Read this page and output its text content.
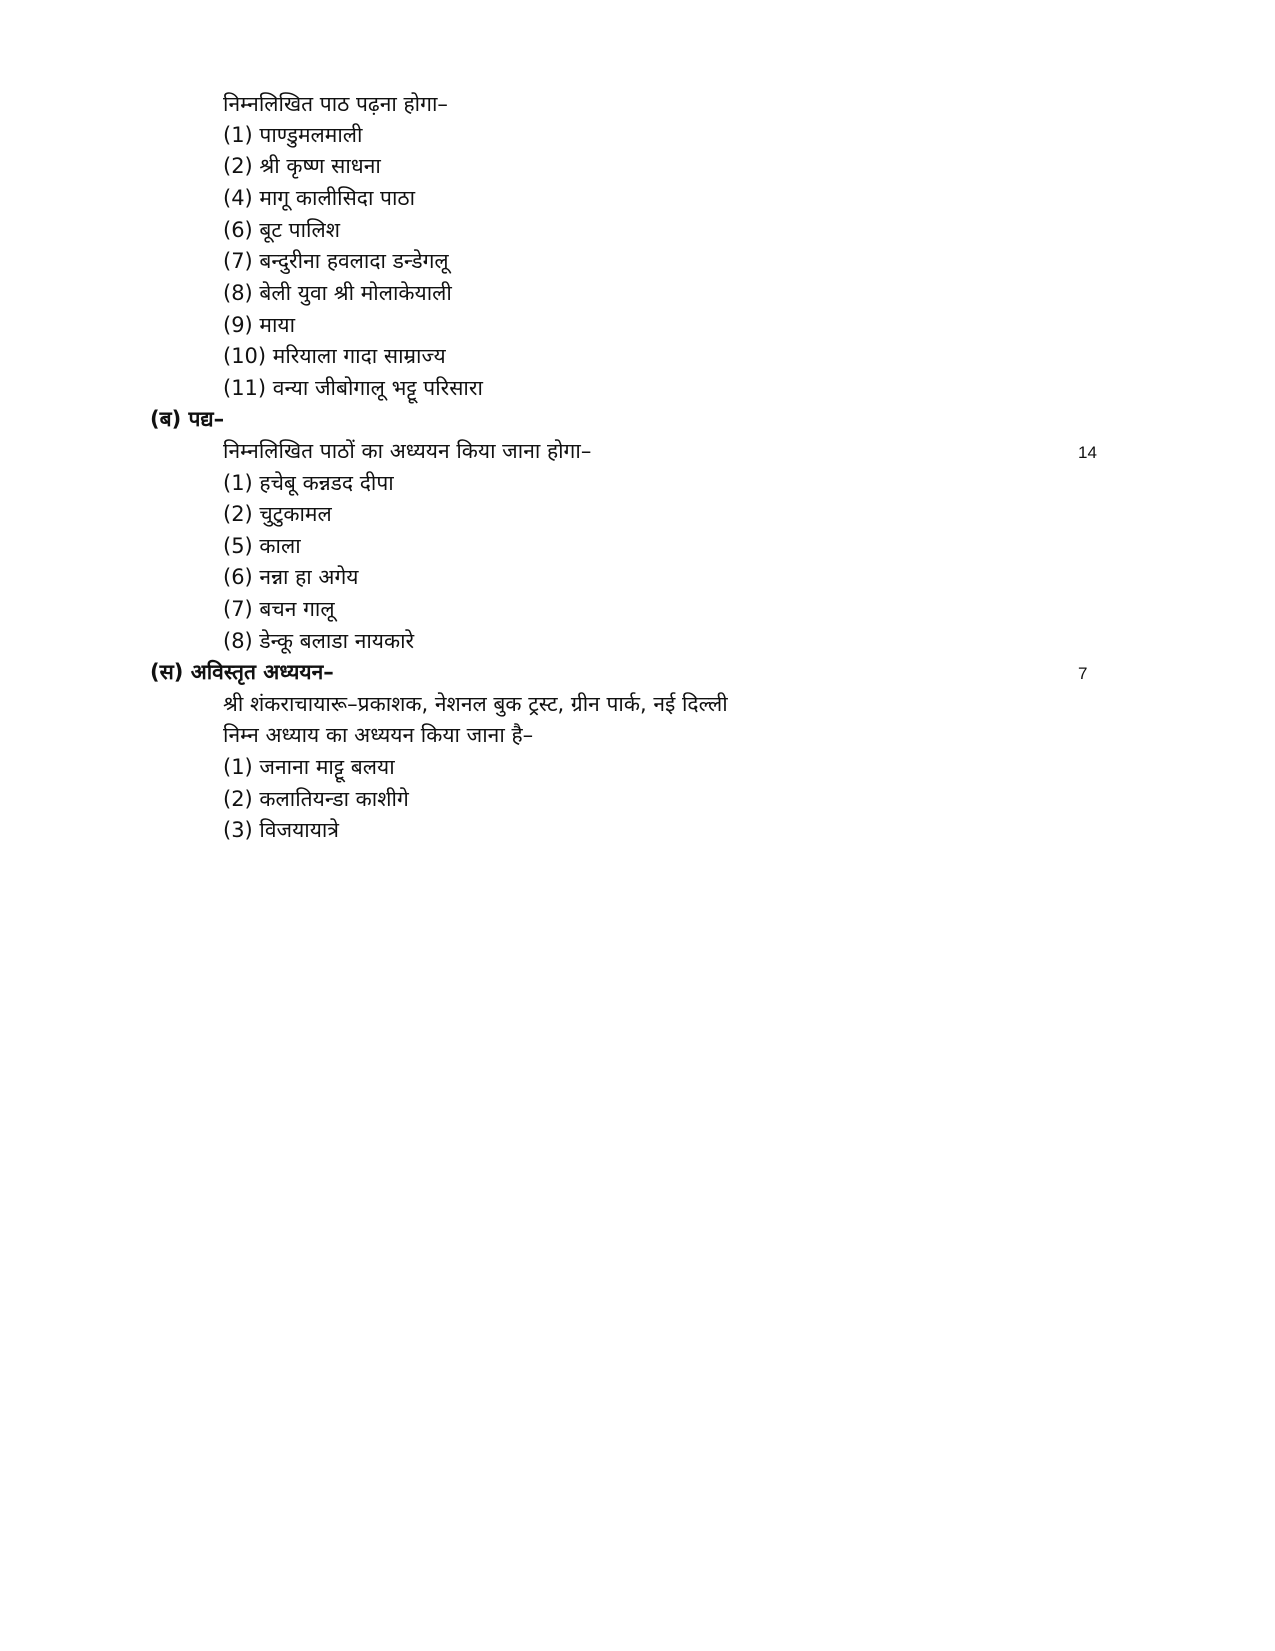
निम्नलिखित पाठ पढ़ना होगा–
(1) पाण्डुमलमाली
(2) श्री कृष्ण साधना
(4) मागू कालीसिदा पाठा
(6) बूट पालिश
(7) बन्दुरीना हवलादा डन्डेगलू
(8) बेली युवा श्री मोलाकेयाली
(9) माया
(10) मरियाला गादा साम्राज्य
(11) वन्या जीबोगालू भट्टू परिसारा
(ब) पद्य–
निम्नलिखित पाठों का अध्ययन किया जाना होगा–	14
(1) हचेबू कन्नडद दीपा
(2) चुटुकामल
(5) काला
(6) नन्ना हा अगेय
(7) बचन गालू
(8) डेन्कू बलाडा नायकारे
(स) अविस्तृत अध्ययन–	7
श्री शंकराचायारू–प्रकाशक, नेशनल बुक ट्रस्ट, ग्रीन पार्क, नई दिल्ली
निम्न अध्याय का अध्ययन किया जाना है–
(1) जनाना माट्टू बलया
(2) कलातियन्डा काशीगे
(3) विजयायात्रे
